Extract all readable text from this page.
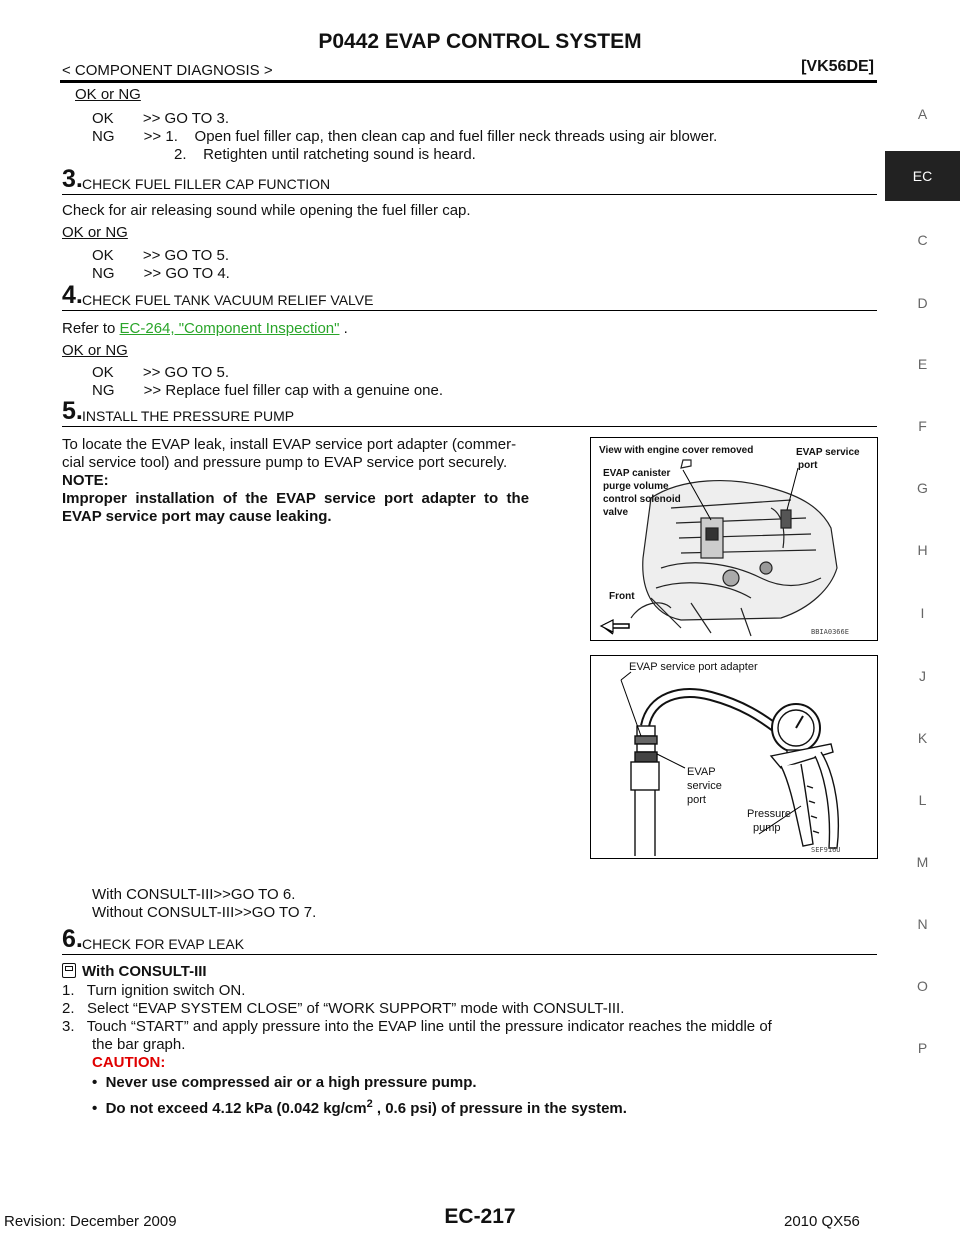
P0442 EVAP CONTROL SYSTEM
< COMPONENT DIAGNOSIS >	[VK56DE]
A
EC
C
D
E
F
G
H
I
J
K
L
M
N
O
P
OK or NG
OK       >> GO TO 3.
NG       >> 1.    Open fuel filler cap, then clean cap and fuel filler neck threads using air blower.
2.    Retighten until ratcheting sound is heard.
3. CHECK FUEL FILLER CAP FUNCTION
Check for air releasing sound while opening the fuel filler cap.
OK or NG
OK       >> GO TO 5.
NG       >> GO TO 4.
4. CHECK FUEL TANK VACUUM RELIEF VALVE
Refer to EC-264, "Component Inspection" .
OK or NG
OK       >> GO TO 5.
NG       >> Replace fuel filler cap with a genuine one.
5. INSTALL THE PRESSURE PUMP
To locate the EVAP leak, install EVAP service port adapter (commer-
cial service tool) and pressure pump to EVAP service port securely.
NOTE:
Improper  installation  of  the  EVAP  service  port  adapter  to  the
EVAP service port may cause leaking.
View with engine cover removed
EVAP canister
purge volume
control solenoid
valve
EVAP service
port
Front
BBIA0366E
EVAP service port adapter
EVAP
service
port
Pressure
pump
SEF916U
With CONSULT-III>>GO TO 6.
Without CONSULT-III>>GO TO 7.
6. CHECK FOR EVAP LEAK
With CONSULT-III
1.   Turn ignition switch ON.
2.   Select “EVAP SYSTEM CLOSE” of “WORK SUPPORT” mode with CONSULT-III.
3.   Touch “START” and apply pressure into the EVAP line until the pressure indicator reaches the middle of
the bar graph.
CAUTION:
•  Never use compressed air or a high pressure pump.
•  Do not exceed 4.12 kPa (0.042 $kg/cm^2$ , 0.6 psi) of pressure in the system.
EC-217
Revision: December 2009	2010 QX56
